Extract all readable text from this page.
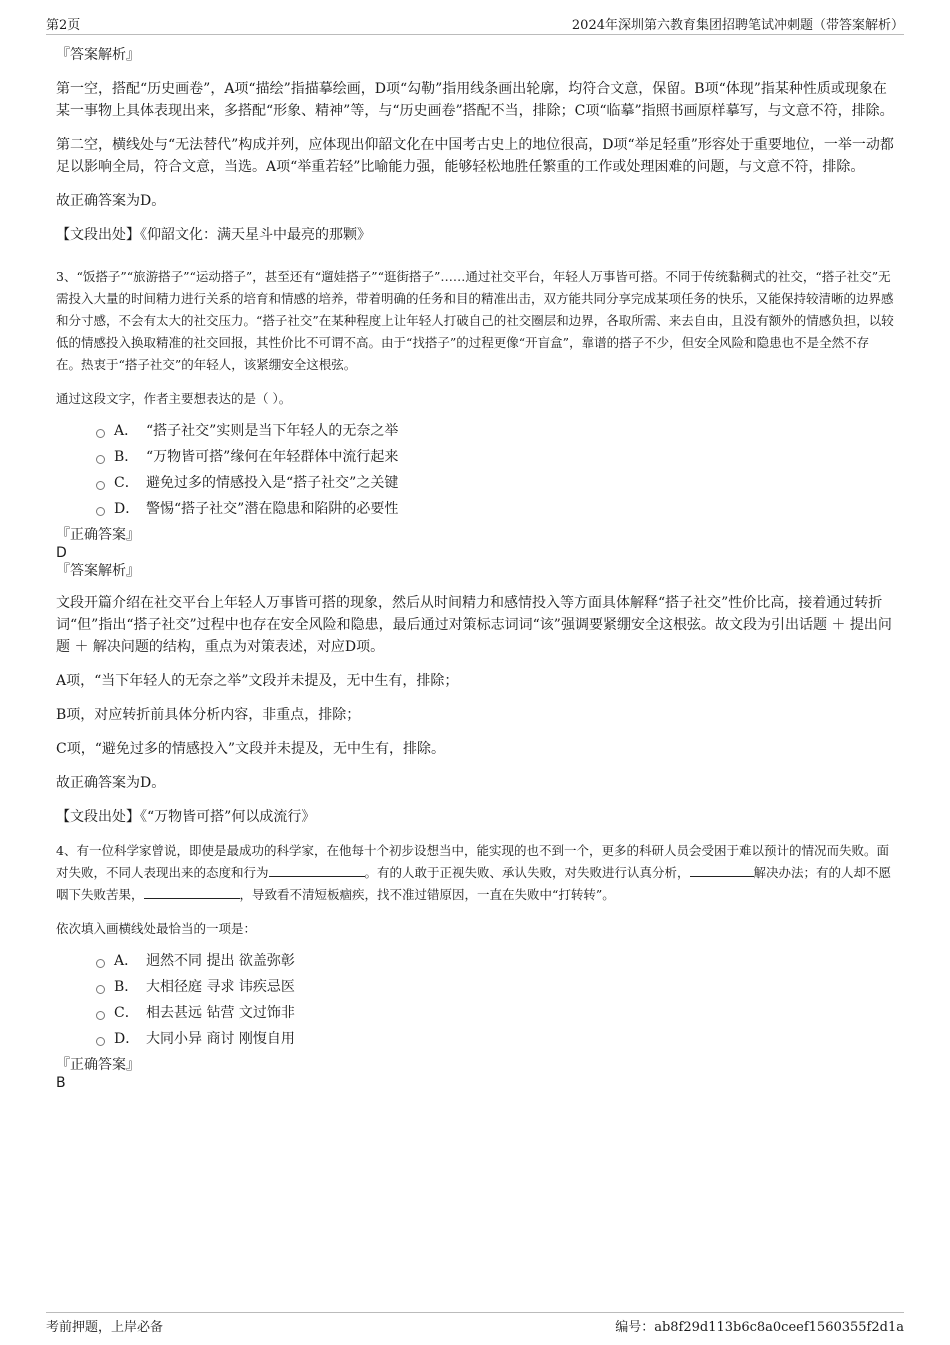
第2页	2024年深圳第六教育集团招聘笔试冲刺题（带答案解析）

『答案解析』

第一空，搭配“历史画卷”，A项“描绘”指描摹绘画，D项“勾勒”指用线条画出轮廓，均符合文意，保留。B项“体现”指某种性质或现象在某一事物上具体表现出来，多搭配“形象、精神”等，与“历史画卷”搭配不当，排除；C项“临摹”指照书画原样摹写，与文意不符，排除。

第二空，横线处与“无法替代”构成并列，应体现出仰韶文化在中国考古史上的地位很高，D项“举足轻重”形容处于重要地位，一举一动都足以影响全局，符合文意，当选。A项“举重若轻”比喻能力强，能够轻松地胜任繁重的工作或处理困难的问题，与文意不符，排除。

故正确答案为D。

【文段出处】《仰韶文化：满天星斗中最亮的那颗》

3、“饭搭子”“旅游搭子”“运动搭子”，甚至还有“遛娃搭子”“逛街搭子”……通过社交平台，年轻人万事皆可搭。不同于传统黏稠式的社交，“搭子社交”无需投入大量的时间精力进行关系的培育和情感的培养，带着明确的任务和目的精准出击，双方能共同分享完成某项任务的快乐，又能保持较清晰的边界感和分寸感，不会有太大的社交压力。“搭子社交”在某种程度上让年轻人打破自己的社交圈层和边界，各取所需、来去自由，且没有额外的情感负担，以较低的情感投入换取精准的社交回报，其性价比不可谓不高。由于“找搭子”的过程更像“开盲盒”，靠谱的搭子不少，但安全风险和隐患也不是全然不存在。热衷于“搭子社交”的年轻人，该紧绷安全这根弦。

通过这段文字，作者主要想表达的是（ ）。

A． “搭子社交”实则是当下年轻人的无奈之举
B． “万物皆可搭”缘何在年轻群体中流行起来
C． 避免过多的情感投入是“搭子社交”之关键
D． 警惕“搭子社交”潜在隐患和陷阱的必要性

『正确答案』

D

『答案解析』

文段开篇介绍在社交平台上年轻人万事皆可搭的现象，然后从时间精力和感情投入等方面具体解释“搭子社交”性价比高，接着通过转折词“但”指出“搭子社交”过程中也存在安全风险和隐患，最后通过对策标志词词“该”强调要紧绷安全这根弦。故文段为引出话题 ＋ 提出问题 ＋ 解决问题的结构，重点为对策表述，对应D项。

A项，“当下年轻人的无奈之举”文段并未提及，无中生有，排除；

B项，对应转折前具体分析内容，非重点，排除；

C项，“避免过多的情感投入”文段并未提及，无中生有，排除。

故正确答案为D。

【文段出处】《“万物皆可搭”何以成流行》

4、有一位科学家曾说，即使是最成功的科学家，在他每十个初步设想当中，能实现的也不到一个，更多的科研人员会受困于难以预计的情况而失败。面对失败，不同人表现出来的态度和行为	。有的人敢于正视失败、承认失败，对失败进行认真分析，	解决办法；有的人却不愿咽下失败苦果，	，导致看不清短板痼疾，找不准过错原因，一直在失败中“打转转”。

依次填入画横线处最恰当的一项是：

A． 迥然不同 提出 欲盖弥彰
B． 大相径庭 寻求 讳疾忌医
C． 相去甚远 钻营 文过饰非
D． 大同小异 商讨 刚愎自用

『正确答案』

B

考前押题，上岸必备	编号：ab8f29d113b6c8a0ceef1560355f2d1a
